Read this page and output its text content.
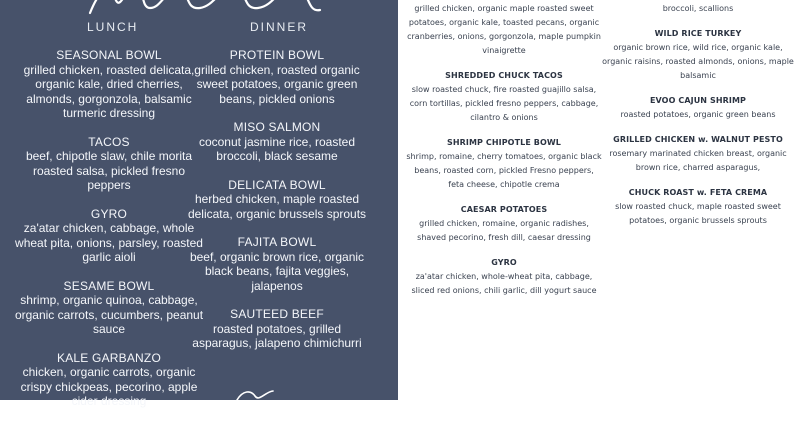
LUNCH	DINNER
SEASONAL BOWL
grilled chicken, roasted delicata, organic kale, dried cherries, almonds, gorgonzola, balsamic turmeric dressing
TACOS
beef, chipotle slaw, chile morita roasted salsa, pickled fresno peppers
GYRO
za'atar chicken, cabbage, whole wheat pita, onions, parsley, roasted garlic aioli
SESAME BOWL
shrimp, organic quinoa, cabbage, organic carrots, cucumbers, peanut sauce
KALE GARBANZO
chicken, organic carrots, organic crispy chickpeas, pecorino, apple cider dressing
PROTEIN BOWL
grilled chicken, roasted organic sweet potatoes, organic green beans, pickled onions
MISO SALMON
coconut jasmine rice, roasted broccoli, black sesame
DELICATA BOWL
herbed chicken, maple roasted delicata, organic brussels sprouts
FAJITA BOWL
beef, organic brown rice, organic black beans, fajita veggies, jalapenos
SAUTEED BEEF
roasted potatoes, grilled asparagus, jalapeno chimichurri
grilled chicken, organic maple roasted sweet potatoes, organic kale, toasted pecans, organic cranberries, onions, gorgonzola, maple pumpkin vinaigrette
SHREDDED CHUCK TACOS
slow roasted chuck, fire roasted guajillo salsa, corn tortillas, pickled fresno peppers, cabbage, cilantro & onions
SHRIMP CHIPOTLE BOWL
shrimp, romaine, cherry tomatoes, organic black beans, roasted corn, pickled Fresno peppers, feta cheese, chipotle crema
CAESAR POTATOES
grilled chicken, romaine, organic radishes, shaved pecorino, fresh dill, caesar dressing
GYRO
za'atar chicken, whole-wheat pita, cabbage, sliced red onions, chili garlic, dill yogurt sauce
broccoli, scallions
WILD RICE TURKEY
organic brown rice, wild rice, organic kale, organic raisins, roasted almonds, onions, maple balsamic
EVOO CAJUN SHRIMP
roasted potatoes, organic green beans
GRILLED CHICKEN w. WALNUT PESTO
rosemary marinated chicken breast, organic brown rice, charred asparagus,
CHUCK ROAST w. FETA CREMA
slow roasted chuck, maple roasted sweet potatoes, organic brussels sprouts
